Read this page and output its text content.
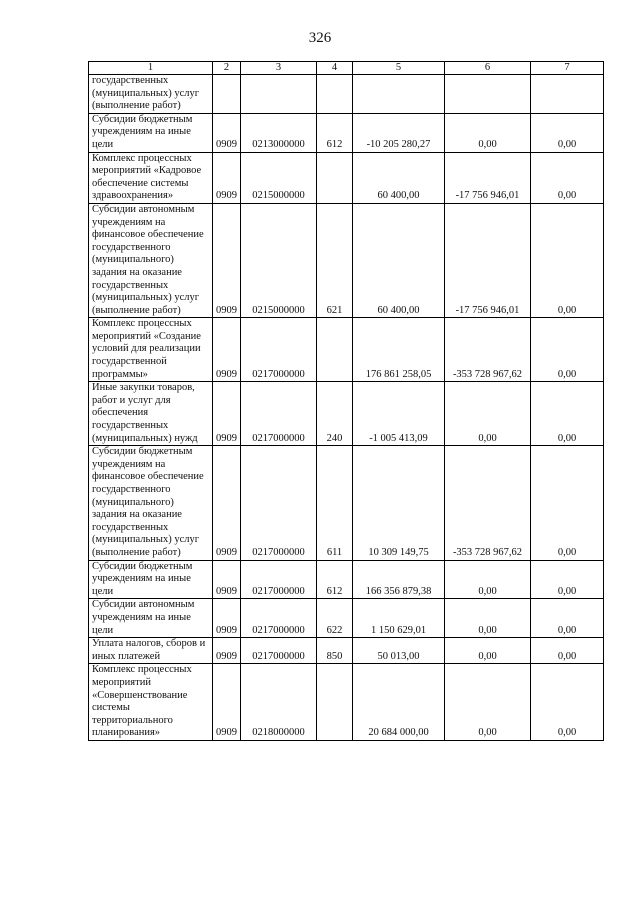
326
1	2	3	4	5	6	7
государственных (муниципальных) услуг (выполнение работ)						
Субсидии бюджетным учреждениям на иные цели	0909	0213000000	612	-10 205 280,27	0,00	0,00
Комплекс процессных мероприятий «Кадровое обеспечение системы здравоохранения»	0909	0215000000		60 400,00	-17 756 946,01	0,00
Субсидии автономным учреждениям на финансовое обеспечение государственного (муниципального) задания на оказание государственных (муниципальных) услуг (выполнение работ)	0909	0215000000	621	60 400,00	-17 756 946,01	0,00
Комплекс процессных мероприятий «Создание условий для реализации государственной программы»	0909	0217000000		176 861 258,05	-353 728 967,62	0,00
Иные закупки товаров, работ и услуг для обеспечения государственных (муниципальных) нужд	0909	0217000000	240	-1 005 413,09	0,00	0,00
Субсидии бюджетным учреждениям на финансовое обеспечение государственного (муниципального) задания на оказание государственных (муниципальных) услуг (выполнение работ)	0909	0217000000	611	10 309 149,75	-353 728 967,62	0,00
Субсидии бюджетным учреждениям на иные цели	0909	0217000000	612	166 356 879,38	0,00	0,00
Субсидии автономным учреждениям на иные цели	0909	0217000000	622	1 150 629,01	0,00	0,00
Уплата налогов, сборов и иных платежей	0909	0217000000	850	50 013,00	0,00	0,00
Комплекс процессных мероприятий «Совершенствование системы территориального планирования»	0909	0218000000		20 684 000,00	0,00	0,00
